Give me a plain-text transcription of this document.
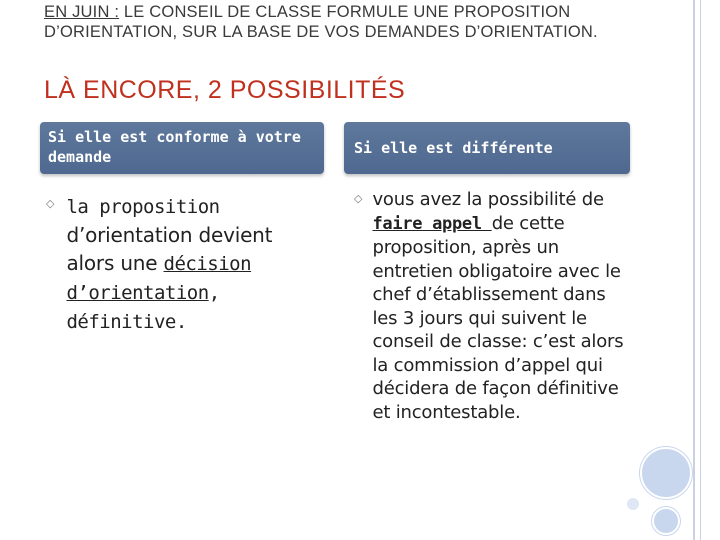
EN JUIN : LE CONSEIL DE CLASSE FORMULE UNE PROPOSITION D’ORIENTATION, SUR LA BASE DE VOS DEMANDES D’ORIENTATION.
LÀ ENCORE, 2 POSSIBILITÉS
Si elle est conforme à votre demande	Si elle est différente
◇ la proposition d’orientation devient alors une décision d’orientation, définitive.
◇ vous avez la possibilité de faire appel de cette proposition, après un entretien obligatoire avec le chef d’établissement dans les 3 jours qui suivent le conseil de classe: c’est alors la commission d’appel qui décidera de façon définitive et incontestable.
